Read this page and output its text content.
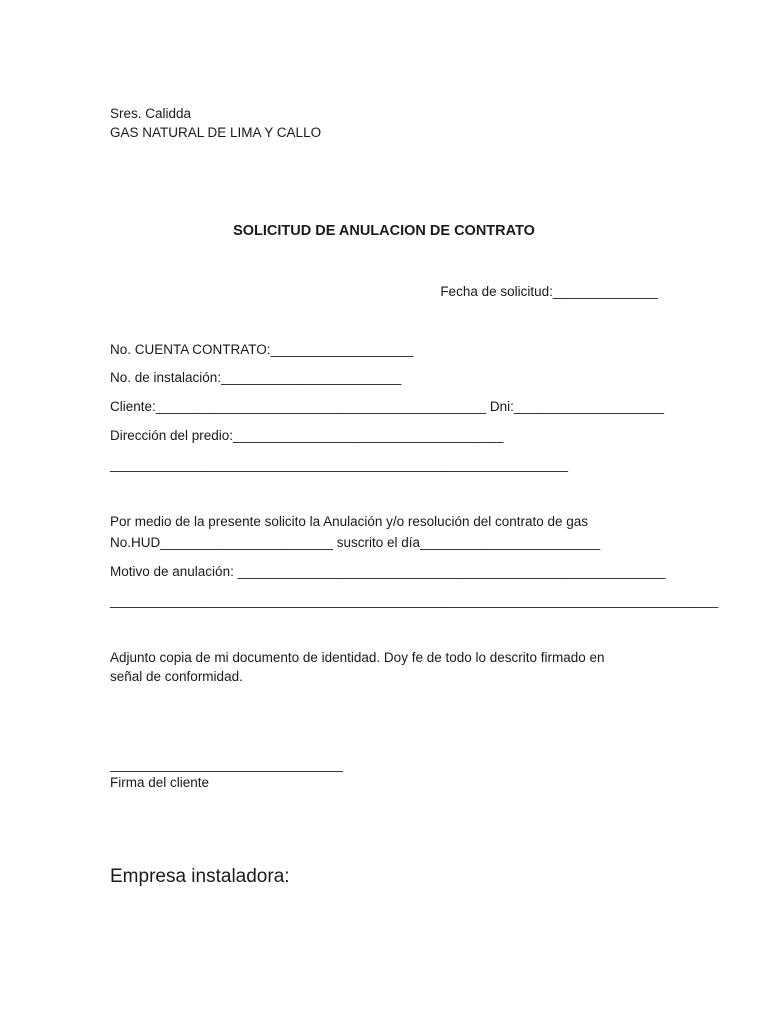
Sres. Calidda
GAS NATURAL DE LIMA Y CALLO
SOLICITUD DE ANULACION DE CONTRATO
Fecha de solicitud:______________
No. CUENTA CONTRATO:___________________
No. de instalación:________________________
Cliente:____________________________________________ Dni:____________________
Dirección del predio:____________________________________
_____________________________________________________________
Por medio de la presente solicito la Anulación y/o resolución del contrato de gas
No.HUD_______________________ suscrito el día________________________
Motivo de anulación: _________________________________________________________
_________________________________________________________________________________
Adjunto copia de mi documento de identidad. Doy fe de todo lo descrito firmado en
señal de conformidad.
_______________________________
Firma del cliente
Empresa instaladora:
